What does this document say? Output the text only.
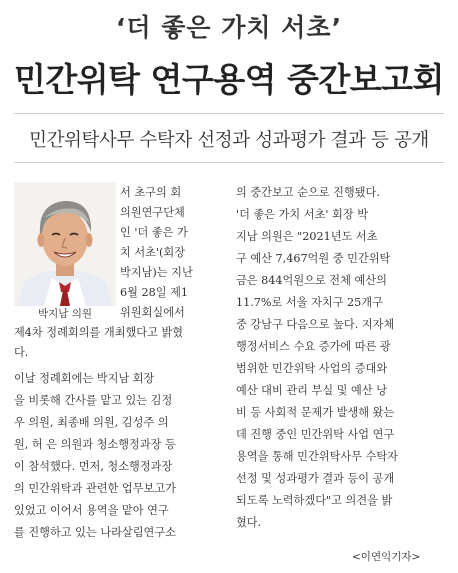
‘더 좋은 가치 서초’
민간위탁 연구용역 중간보고회
민간위탁사무 수탁자 선정과 성과평가 결과 등 공개
박지남 의원
서 초구의 회
의원연구단체
인 '더 좋은 가
치 서초'(회장
박지남)는 지난
6월 28일 제1
위원회실에서
제4차 정례회의를 개최했다고 밝혔
다.
이날 정례회에는 박지남 회장
을 비롯해 간사를 맡고 있는 김정
우 의원, 최종배 의원, 김성주 의
원, 허 은 의원과 청소행정과장 등
이 참석했다. 먼저, 청소행정과장
의 민간위탁과 관련한 업무보고가
있었고 이어서 용역을 맡아 연구
를 진행하고 있는 나라살림연구소
의 중간보고 순으로 진행됐다.
'더 좋은 가치 서초' 회장 박
지남 의원은 "2021년도 서초
구 예산 7,467억원 중 민간위탁
금은 844억원으로 전체 예산의
11.7%로 서울 자치구 25개구
중 강남구 다음으로 높다. 지자체
행정서비스 수요 증가에 따른 광
범위한 민간위탁 사업의 증대와
예산 대비 관리 부실 및 예산 낭
비 등 사회적 문제가 발생해 왔는
데 진행 중인 민간위탁 사업 연구
용역을 통해 민간위탁사무 수탁자
선정 및 성과평가 결과 등이 공개
되도록 노력하겠다"고 의견을 밝
혔다.
<이연익기자>
